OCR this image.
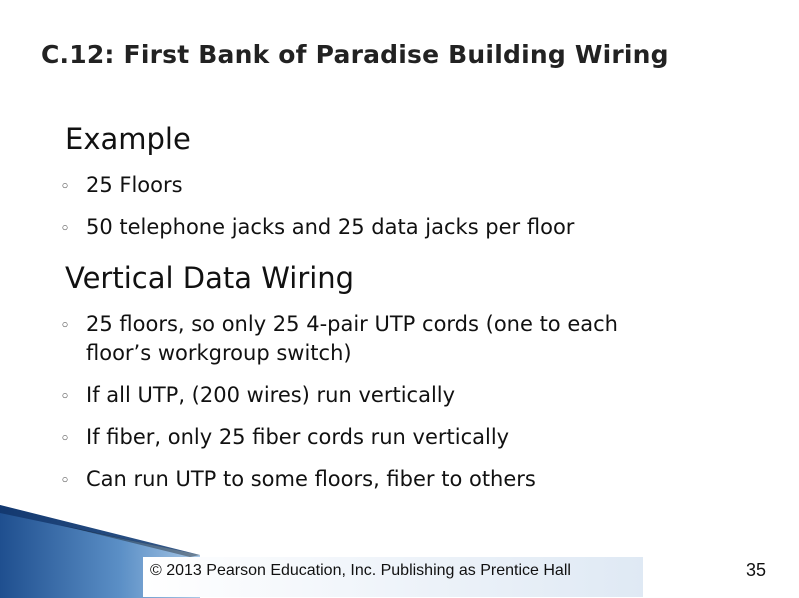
C.12: First Bank of Paradise Building Wiring
Example
◦ 25 Floors
◦ 50 telephone jacks and 25 data jacks per floor
Vertical Data Wiring
◦ 25 floors, so only 25 4-pair UTP cords (one to each
floor’s workgroup switch)
◦ If all UTP, (200 wires) run vertically
◦ If fiber, only 25 fiber cords run vertically
◦ Can run UTP to some floors, fiber to others
© 2013 Pearson Education, Inc. Publishing as Prentice Hall	35
